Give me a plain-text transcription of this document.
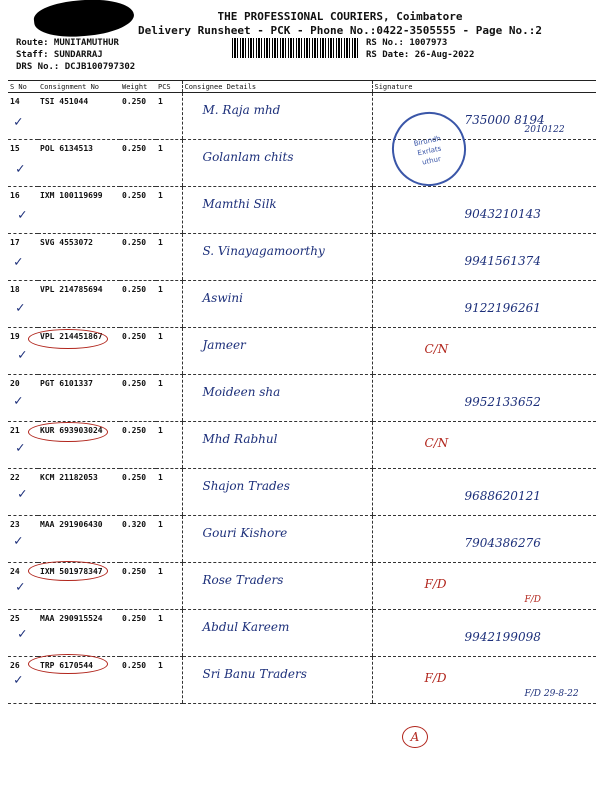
THE PROFESSIONAL COURIERS, Coimbatore
Delivery Runsheet - PCK - Phone No.:0422-3505555 - Page No.:2
Route: MUNITAMUTHUR
Staff: SUNDARRAJ
DRS No.: DCJB100797302
RS No.: 1007973
RS Date: 26-Aug-2022
S No	Consignment No	Weight	PCS	Consignee Details	Signature
14	TSI 451044	0.250	1	M. Raja mhd	735000 8194
2010122

15	POL 6134513	0.250	1	Golanlam chits	

16	IXM 100119699	0.250	1	Mamthi Silk	9043210143

17	SVG 4553072	0.250	1	S. Vinayagamoorthy	9941561374

18	VPL 214785694	0.250	1	Aswini	9122196261

19	VPL 214451867	0.250	1	Jameer	C/N

20	PGT 6101337	0.250	1	Moideen sha	9952133652

21	KUR 693903024	0.250	1	Mhd Rabhul	C/N

22	KCM 21182053	0.250	1	Shajon Trades	9688620121

23	MAA 291906430	0.320	1	Gouri Kishore	7904386276

24	IXM 501978347	0.250	1	Rose Traders	F/D
F/D

25	MAA 290915524	0.250	1	Abdul Kareem	9942199098

26	TRP 6170544	0.250	1	Sri Banu Traders	F/D
F/D 29-8-22
Birundh
Exrlats
uthur
A
✓
✓
✓
✓
✓
✓
✓
✓
✓
✓
✓
✓
✓
